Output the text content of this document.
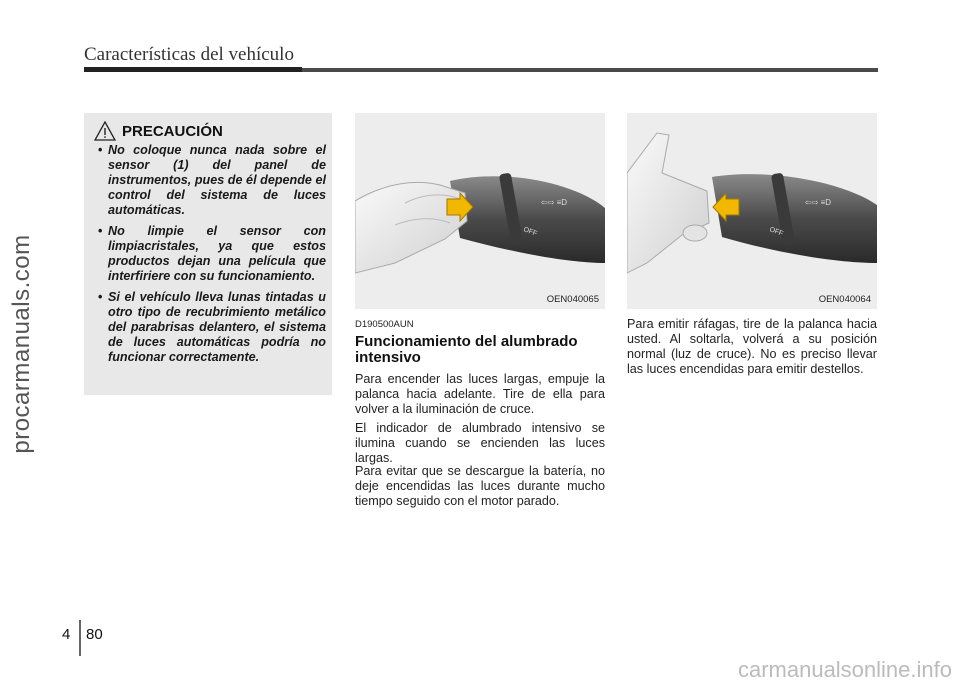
Características del vehículo
procarmanuals.com
carmanualsonline.info
PRECAUCIÓN
• No coloque nunca nada sobre el sensor (1) del panel de instrumentos, pues de él depende el control del sistema de luces automáticas.
• No limpie el sensor con limpiacristales, ya que estos productos dejan una película que interfiriere con su funcionamiento.
• Si el vehículo lleva lunas tintadas u otro tipo de recubrimiento metálico del parabrisas delantero, el sistema de luces automáticas podría no funcionar correctamente.
OFF
⇦⇨ ≡D
OEN040065
OFF
⇦⇨ ≡D
OEN040064
D190500AUN
Funcionamiento del alumbrado intensivo

Para encender las luces largas, empuje la palanca hacia adelante. Tire de ella para volver a la iluminación de cruce.

El indicador de alumbrado intensivo se ilumina cuando se encienden las luces largas.

Para evitar que se descargue la batería, no deje encendidas las luces durante mucho tiempo seguido con el motor parado.

Para emitir ráfagas, tire de la palanca hacia usted. Al soltarla, volverá a su posición normal (luz de cruce). No es preciso llevar las luces encendidas para emitir destellos.

4 80
